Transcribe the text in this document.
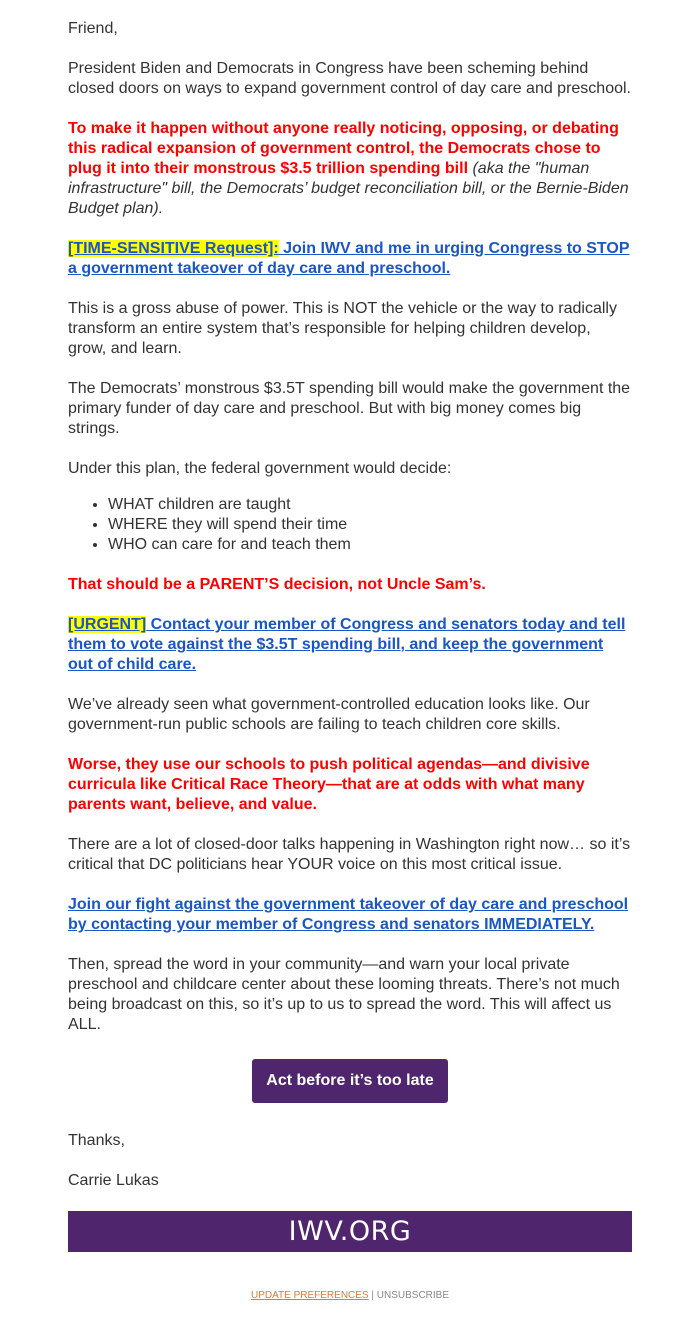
Friend,

President Biden and Democrats in Congress have been scheming behind closed doors on ways to expand government control of day care and preschool.

To make it happen without anyone really noticing, opposing, or debating this radical expansion of government control, the Democrats chose to plug it into their monstrous $3.5 trillion spending bill (aka the "human infrastructure" bill, the Democrats’ budget reconciliation bill, or the Bernie-Biden Budget plan).

[TIME-SENSITIVE Request]: Join IWV and me in urging Congress to STOP a government takeover of day care and preschool.

This is a gross abuse of power. This is NOT the vehicle or the way to radically transform an entire system that’s responsible for helping children develop, grow, and learn.

The Democrats’ monstrous $3.5T spending bill would make the government the primary funder of day care and preschool. But with big money comes big strings.

Under this plan, the federal government would decide:

• WHAT children are taught
• WHERE they will spend their time
• WHO can care for and teach them

That should be a PARENT’S decision, not Uncle Sam’s.

[URGENT] Contact your member of Congress and senators today and tell them to vote against the $3.5T spending bill, and keep the government out of child care.

We’ve already seen what government-controlled education looks like. Our government-run public schools are failing to teach children core skills.

Worse, they use our schools to push political agendas—and divisive curricula like Critical Race Theory—that are at odds with what many parents want, believe, and value.

There are a lot of closed-door talks happening in Washington right now… so it’s critical that DC politicians hear YOUR voice on this most critical issue.

Join our fight against the government takeover of day care and preschool by contacting your member of Congress and senators IMMEDIATELY.

Then, spread the word in your community—and warn your local private preschool and childcare center about these looming threats. There’s not much being broadcast on this, so it’s up to us to spread the word. This will affect us ALL.

Act before it’s too late

Thanks,

Carrie Lukas

IWV.ORG
UPDATE PREFERENCES | UNSUBSCRIBE
